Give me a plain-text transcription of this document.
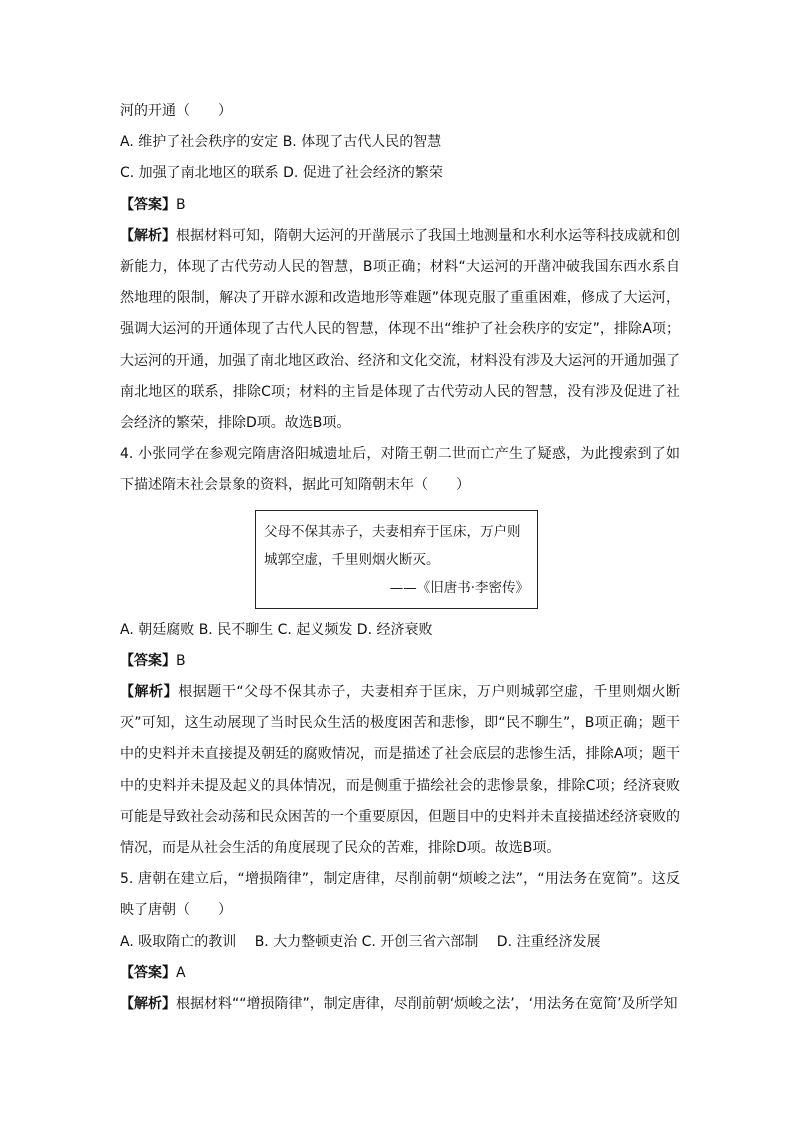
河的开通（　　）
A. 维护了社会秩序的安定 B. 体现了古代人民的智慧
C. 加强了南北地区的联系 D. 促进了社会经济的繁荣
【答案】B
【解析】根据材料可知，隋朝大运河的开凿展示了我国土地测量和水利水运等科技成就和创新能力，体现了古代劳动人民的智慧，B项正确；材料“大运河的开凿冲破我国东西水系自然地理的限制，解决了开辟水源和改造地形等难题”体现克服了重重困难，修成了大运河，强调大运河的开通体现了古代人民的智慧，体现不出“维护了社会秩序的安定”，排除A项；大运河的开通，加强了南北地区政治、经济和文化交流，材料没有涉及大运河的开通加强了南北地区的联系，排除C项；材料的主旨是体现了古代劳动人民的智慧，没有涉及促进了社会经济的繁荣，排除D项。故选B项。
4. 小张同学在参观完隋唐洛阳城遗址后，对隋王朝二世而亡产生了疑惑，为此搜索到了如下描述隋末社会景象的资料，据此可知隋朝末年（　　）
父母不保其赤子，夫妻相弃于匡床，万户则城郭空虚，千里则烟火断灭。
——《旧唐书·李密传》
A. 朝廷腐败 B. 民不聊生 C. 起义频发 D. 经济衰败
【答案】B
【解析】根据题干“父母不保其赤子，夫妻相弃于匡床，万户则城郭空虚，千里则烟火断灭”可知，这生动展现了当时民众生活的极度困苦和悲惨，即“民不聊生”，B项正确；题干中的史料并未直接提及朝廷的腐败情况，而是描述了社会底层的悲惨生活，排除A项；题干中的史料并未提及起义的具体情况，而是侧重于描绘社会的悲惨景象，排除C项；经济衰败可能是导致社会动荡和民众困苦的一个重要原因，但题目中的史料并未直接描述经济衰败的情况，而是从社会生活的角度展现了民众的苦难，排除D项。故选B项。
5. 唐朝在建立后，“增损隋律”，制定唐律，尽削前朝“烦峻之法”，“用法务在宽简”。这反映了唐朝（　　）
A. 吸取隋亡的教训 B. 大力整顿吏治 C. 开创三省六部制 D. 注重经济发展
【答案】A
【解析】根据材料““增损隋律”，制定唐律，尽削前朝‘烦峻之法’，‘用法务在宽简’及所学知
